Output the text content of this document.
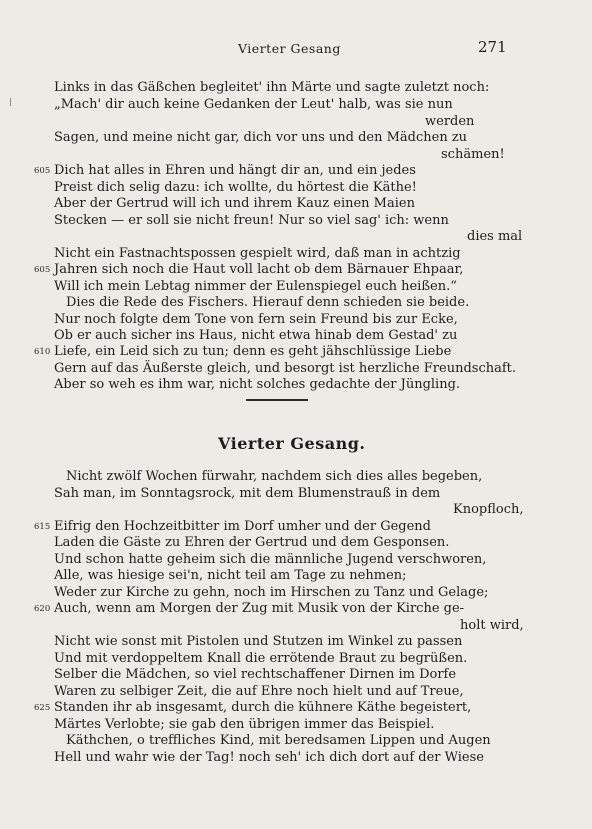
Vierter Gesang	271
Links in das Gäßchen begleitet' ihn Märte und sagte zuletzt noch:
„Mach' dir auch keine Gedanken der Leut' halb, was sie nun
werden
Sagen, und meine nicht gar, dich vor uns und den Mädchen zu
schämen!
605 Dich hat alles in Ehren und hängt dir an, und ein jedes
Preist dich selig dazu: ich wollte, du hörtest die Käthe!
Aber der Gertrud will ich und ihrem Kauz einen Maien
Stecken — er soll sie nicht freun! Nur so viel sag' ich: wenn
dies mal
Nicht ein Fastnachtspossen gespielt wird, daß man in achtzig
605 Jahren sich noch die Haut voll lacht ob dem Bärnauer Ehpaar,
Will ich mein Lebtag nimmer der Eulenspiegel euch heißen.“
Dies die Rede des Fischers. Hierauf denn schieden sie beide.
Nur noch folgte dem Tone von fern sein Freund bis zur Ecke,
Ob er auch sicher ins Haus, nicht etwa hinab dem Gestad' zu
610 Liefe, ein Leid sich zu tun; denn es geht jähschlüssige Liebe
Gern auf das Äußerste gleich, und besorgt ist herzliche Freundschaft.
Aber so weh es ihm war, nicht solches gedachte der Jüngling.
Vierter Gesang.
Nicht zwölf Wochen fürwahr, nachdem sich dies alles begeben,
Sah man, im Sonntagsrock, mit dem Blumenstrauß in dem
Knopfloch,
615 Eifrig den Hochzeitbitter im Dorf umher und der Gegend
Laden die Gäste zu Ehren der Gertrud und dem Gesponsen.
Und schon hatte geheim sich die männliche Jugend verschworen,
Alle, was hiesige sei'n, nicht teil am Tage zu nehmen;
Weder zur Kirche zu gehn, noch im Hirschen zu Tanz und Gelage;
620 Auch, wenn am Morgen der Zug mit Musik von der Kirche ge-
holt wird,
Nicht wie sonst mit Pistolen und Stutzen im Winkel zu passen
Und mit verdoppeltem Knall die errötende Braut zu begrüßen.
Selber die Mädchen, so viel rechtschaffener Dirnen im Dorfe
Waren zu selbiger Zeit, die auf Ehre noch hielt und auf Treue,
625 Standen ihr ab insgesamt, durch die kühnere Käthe begeistert,
Märtes Verlobte; sie gab den übrigen immer das Beispiel.
Käthchen, o treffliches Kind, mit beredsamen Lippen und Augen
Hell und wahr wie der Tag! noch seh' ich dich dort auf der Wiese
